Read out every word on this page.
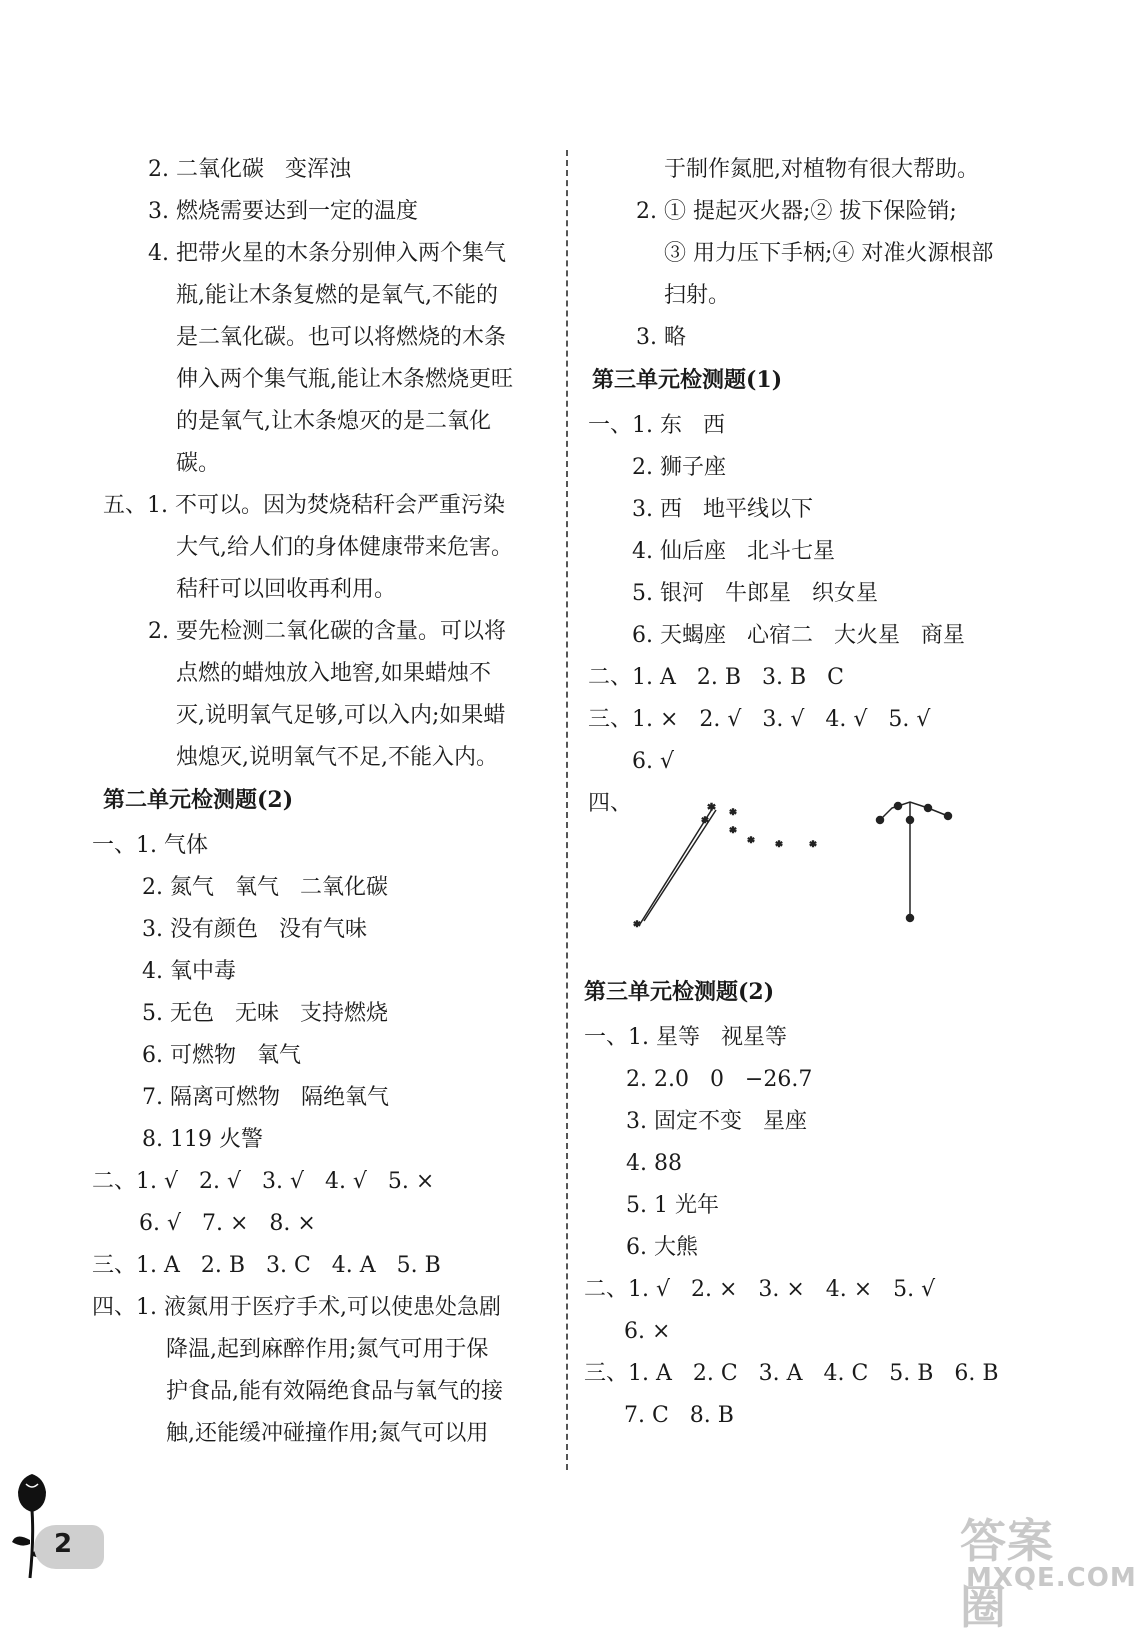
2. 二氧化碳   变浑浊
3. 燃烧需要达到一定的温度
4. 把带火星的木条分别伸入两个集气
瓶,能让木条复燃的是氧气,不能的
是二氧化碳。也可以将燃烧的木条
伸入两个集气瓶,能让木条燃烧更旺
的是氧气,让木条熄灭的是二氧化
碳。
五、1. 不可以。因为焚烧秸秆会严重污染
大气,给人们的身体健康带来危害。
秸秆可以回收再利用。
2. 要先检测二氧化碳的含量。可以将
点燃的蜡烛放入地窖,如果蜡烛不
灭,说明氧气足够,可以入内;如果蜡
烛熄灭,说明氧气不足,不能入内。
第二单元检测题(2)
一、1. 气体
2. 氮气   氧气   二氧化碳
3. 没有颜色   没有气味
4. 氧中毒
5. 无色   无味   支持燃烧
6. 可燃物   氧气
7. 隔离可燃物   隔绝氧气
8. 119 火警
二、1. √   2. √   3. √   4. √   5. ×
6. √   7. ×   8. ×
三、1. A   2. B   3. C   4. A   5. B
四、1. 液氮用于医疗手术,可以使患处急剧
降温,起到麻醉作用;氮气可用于保
护食品,能有效隔绝食品与氧气的接
触,还能缓冲碰撞作用;氮气可以用
于制作氮肥,对植物有很大帮助。
2. ① 提起灭火器;② 拔下保险销;
③ 用力压下手柄;④ 对准火源根部
扫射。
3. 略
第三单元检测题(1)
一、1. 东   西
2. 狮子座
3. 西   地平线以下
4. 仙后座   北斗七星
5. 银河   牛郎星   织女星
6. 天蝎座   心宿二   大火星   商星
二、1. A   2. B   3. B   C
三、1. ×   2. √   3. √   4. √   5. √
6. √
四、
*
*
*
*
*
* * *
第三单元检测题(2)
一、1. 星等   视星等
2. 2.0   0   −26.7
3. 固定不变   星座
4. 88
5. 1 光年
6. 大熊
二、1. √   2. ×   3. ×   4. ×   5. √
6. ×
三、1. A   2. C   3. A   4. C   5. B   6. B
7. C   8. B
2	答案圈
MXQE.COM
